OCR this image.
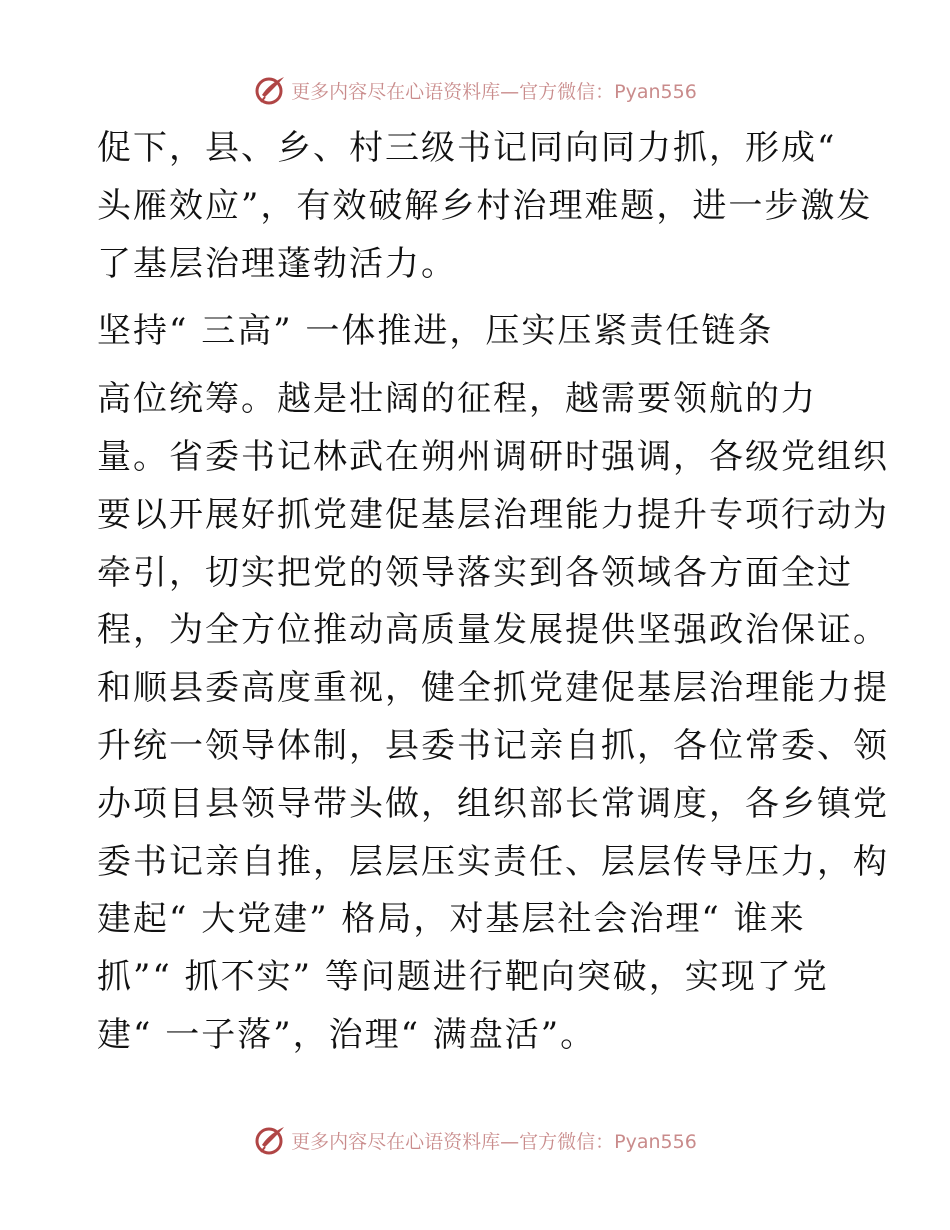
更多内容尽在心语资料库—官方微信：Pyan556
促下，县、乡、村三级书记同向同力抓，形成“
头雁效应”，有效破解乡村治理难题，进一步激发
了基层治理蓬勃活力。
坚持“ 三高” 一体推进，压实压紧责任链条
高位统筹。越是壮阔的征程，越需要领航的力
量。省委书记林武在朔州调研时强调，各级党组织
要以开展好抓党建促基层治理能力提升专项行动为
牵引，切实把党的领导落实到各领域各方面全过
程，为全方位推动高质量发展提供坚强政治保证。
和顺县委高度重视，健全抓党建促基层治理能力提
升统一领导体制，县委书记亲自抓，各位常委、领
办项目县领导带头做，组织部长常调度，各乡镇党
委书记亲自推，层层压实责任、层层传导压力，构
建起“ 大党建” 格局，对基层社会治理“ 谁来
抓”“ 抓不实” 等问题进行靶向突破，实现了党
建“ 一子落”，治理“ 满盘活”。
更多内容尽在心语资料库—官方微信：Pyan556
